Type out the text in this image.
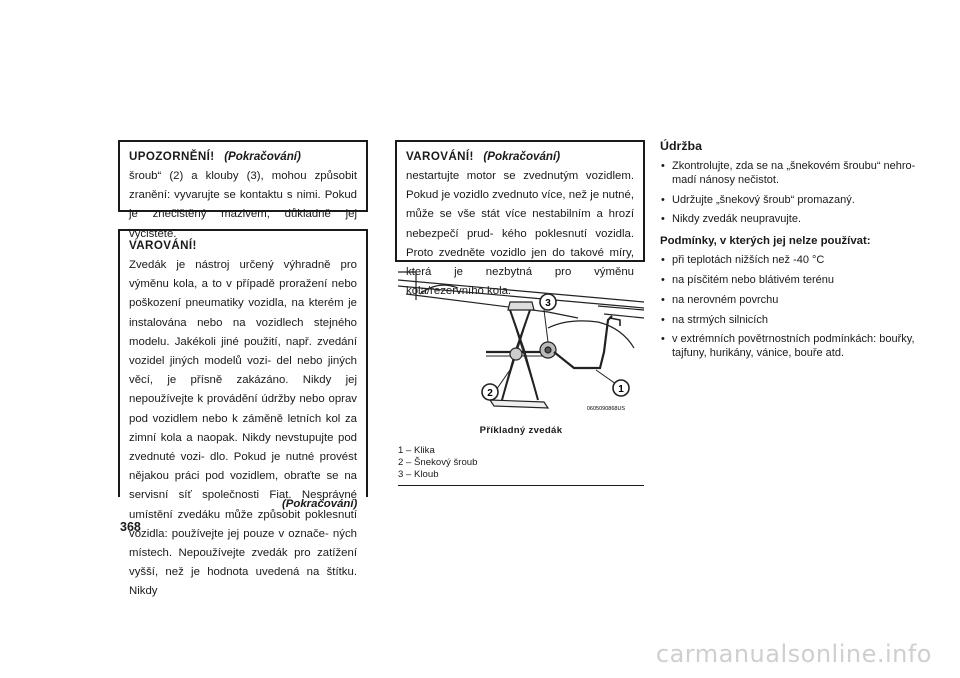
UPOZORNĚNÍ! (Pokračování)
šroub“ (2) a klouby (3), mohou způsobit zranění: vyvarujte se kontaktu s nimi. Pokud je znečištěný mazivem, důkladně jej vyčistěte.
VAROVÁNÍ!
Zvedák je nástroj určený výhradně pro výměnu kola, a to v případě proražení nebo poškození pneumatiky vozidla, na kterém je instalována nebo na vozidlech stejného modelu. Jakékoli jiné použití, např. zvedání vozidel jiných modelů vozi- del nebo jiných věcí, je přísně zakázáno. Nikdy jej nepoužívejte k provádění údržby nebo oprav pod vozidlem nebo k záměně letních kol za zimní kola a naopak. Nikdy nevstupujte pod zvednuté vozi- dlo. Pokud je nutné provést nějakou práci pod vozidlem, obraťte se na servisní síť společnosti Fiat. Nesprávné umístění zvedáku může způsobit poklesnutí vozidla: používejte jej pouze v označe- ných místech. Nepoužívejte zvedák pro zatížení vyšší, než je hodnota uvedená na štítku. Nikdy
(Pokračování)
368
VAROVÁNÍ! (Pokračování)
nestartujte motor se zvednutým vozidlem. Pokud je vozidlo zvednuto více, než je nutné, může se vše stát více nestabilním a hrozí nebezpečí prud- kého poklesnutí vozidla. Proto zvedněte vozidlo jen do takové míry, která je nezbytná pro výměnu kola/rezervního kola.
3
2	1
0605090868US
Příkladný zvedák
1 – Klika
2 – Šnekový šroub
3 – Kloub
Údržba
• Zkontrolujte, zda se na „šnekovém šroubu“ nehro- madí nánosy nečistot.
• Udržujte „šnekový šroub“ promazaný.
• Nikdy zvedák neupravujte.
Podmínky, v kterých jej nelze používat:
• při teplotách nižších než -40 °C
• na písčitém nebo blátivém terénu
• na nerovném povrchu
• na strmých silnicích
• v extrémních povětrnostních podmínkách: bouřky, tajfuny, hurikány, vánice, bouře atd.
carmanualsonline.info
